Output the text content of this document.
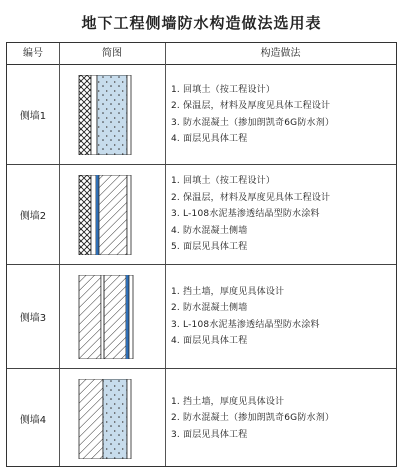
地下工程侧墙防水构造做法选用表
编号	简图	构造做法
侧墙1
1. 回填土（按工程设计）
2. 保温层，材料及厚度见具体工程设计
3. 防水混凝土（掺加朗凯奇6G防水剂）
4. 面层见具体工程
侧墙2
1. 回填土（按工程设计）
2. 保温层，材料及厚度见具体工程设计
3. L-108水泥基渗透结晶型防水涂料
4. 防水混凝土侧墙
5. 面层见具体工程
侧墙3
1. 挡土墙，厚度见具体设计
2. 防水混凝土侧墙
3. L-108水泥基渗透结晶型防水涂料
4. 面层见具体工程
侧墙4
1. 挡土墙，厚度见具体设计
2. 防水混凝土（掺加朗凯奇6G防水剂）
3. 面层见具体工程
